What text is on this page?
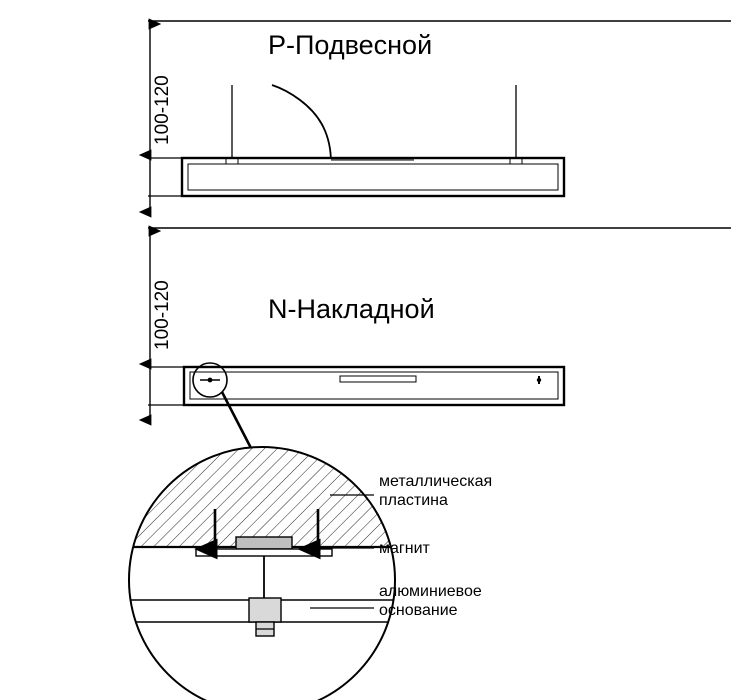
P-Подвесной
N-Накладной
100-120
100-120
металлическая
пластина
магнит
алюминиевое
основание
